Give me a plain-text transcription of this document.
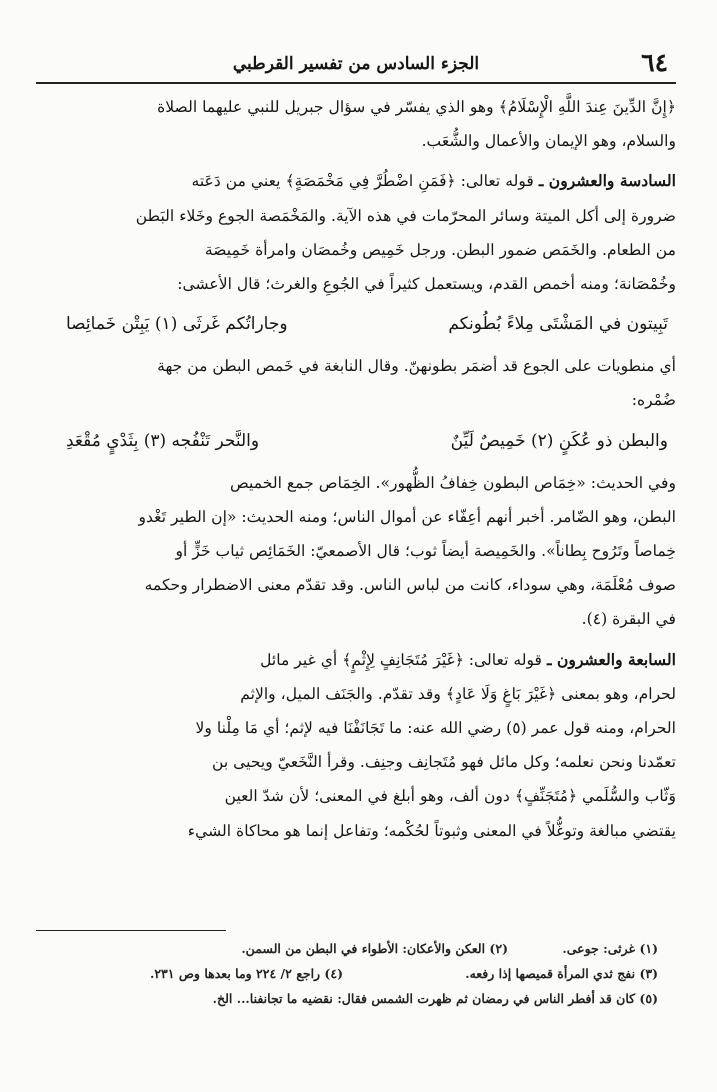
٦٤
الجزء السادس من تفسير القرطبي

﴿إِنَّ الدِّينَ عِندَ اللَّهِ الْإِسْلَامُ﴾ وهو الذي يفسّر في سؤال جبريل للنبي عليهما الصلاة

والسلام، وهو الإيمان والأعمال والشُّعَب.

السادسة والعشرون ـ قوله تعالى: ﴿فَمَنِ اضْطُرَّ فِي مَخْمَصَةٍ﴾ يعني من دَعَته

ضرورة إلى أكل الميتة وسائر المحرّمات في هذه الآية. والمَخْمَصة الجوع وخَلاء البَطن

من الطعام. والخَمَص ضمور البطن. ورجل خَمِيص وخُمصَان وامرأة خَمِيصَة

وخُمْصَانة؛ ومنه أخمص القدم، ويستعمل كثيراً في الجُوعِ والغرث؛ قال الأعشى:

تَبِيتون في المَشْتَى مِلاءً بُطُونكم
وجاراتُكم غَرثَى (١) يَبِتْن خَمائِصا

أي منطويات على الجوع قد أضمَر بطونهنّ. وقال النابغة في خَمص البطن من جهة

ضُمْره:

والبطن ذو عُكَنٍ (٢) خَمِيصٌ لَيِّنٌ
والنَّحر تَنْفُجه (٣) بِثَدْيٍ مُقْعَدِ

وفي الحديث: «خِمَاص البطون خِفافُ الظُّهور». الخِمَاص جمع الخميص

البطن، وهو الضّامر. أخبر أنهم أعِفّاء عن أموال الناس؛ ومنه الحديث: «إن الطير تَغْدو

خِماصاً وتَرُوح بِطاناً». والخَمِيصة أيضاً ثوب؛ قال الأصمعيّ: الخَمَائِص ثياب خَزٍّ أو

صوف مُعْلَمَة، وهي سوداء، كانت من لباس الناس. وقد تقدّم معنى الاضطرار وحكمه

في البقرة (٤).

السابعة والعشرون ـ قوله تعالى: ﴿غَيْرَ مُتَجَانِفٍ لِإِثْمٍ﴾ أي غير مائل

لحرام، وهو بمعنى ﴿غَيْرَ بَاغٍ وَلَا عَادٍ﴾ وقد تقدّم. والجَنَف الميل، والإثم

الحرام، ومنه قول عمر (٥) رضي الله عنه: ما تَجَانَفْنَا فيه لإثم؛ أي مَا مِلْنا ولا

تعمّدنا ونحن نعلمه؛ وكل مائل فهو مُتَجانِف وجنِف. وقرأ النَّخَعيّ ويحيى بن

وَثّاب والسُّلَمي ﴿مُتَجَنِّفٍ﴾ دون ألف، وهو أبلغ في المعنى؛ لأن شدّ العين

يقتضي مبالغة وتوغُّلاً في المعنى وثبوتاً لحُكْمه؛ وتفاعل إنما هو محاكاة الشيء

(١) غرثى: جوعى.
(٢) العكن والأعكان: الأطواء في البطن من السمن.
(٣) نفج ثدي المرأة قميصها إذا رفعه.
(٤) راجع ٢/ ٢٢٤ وما بعدها وص ٢٣١.
(٥) كان قد أفطر الناس في رمضان ثم ظهرت الشمس فقال: نقضيه ما تجانفنا... الخ.
